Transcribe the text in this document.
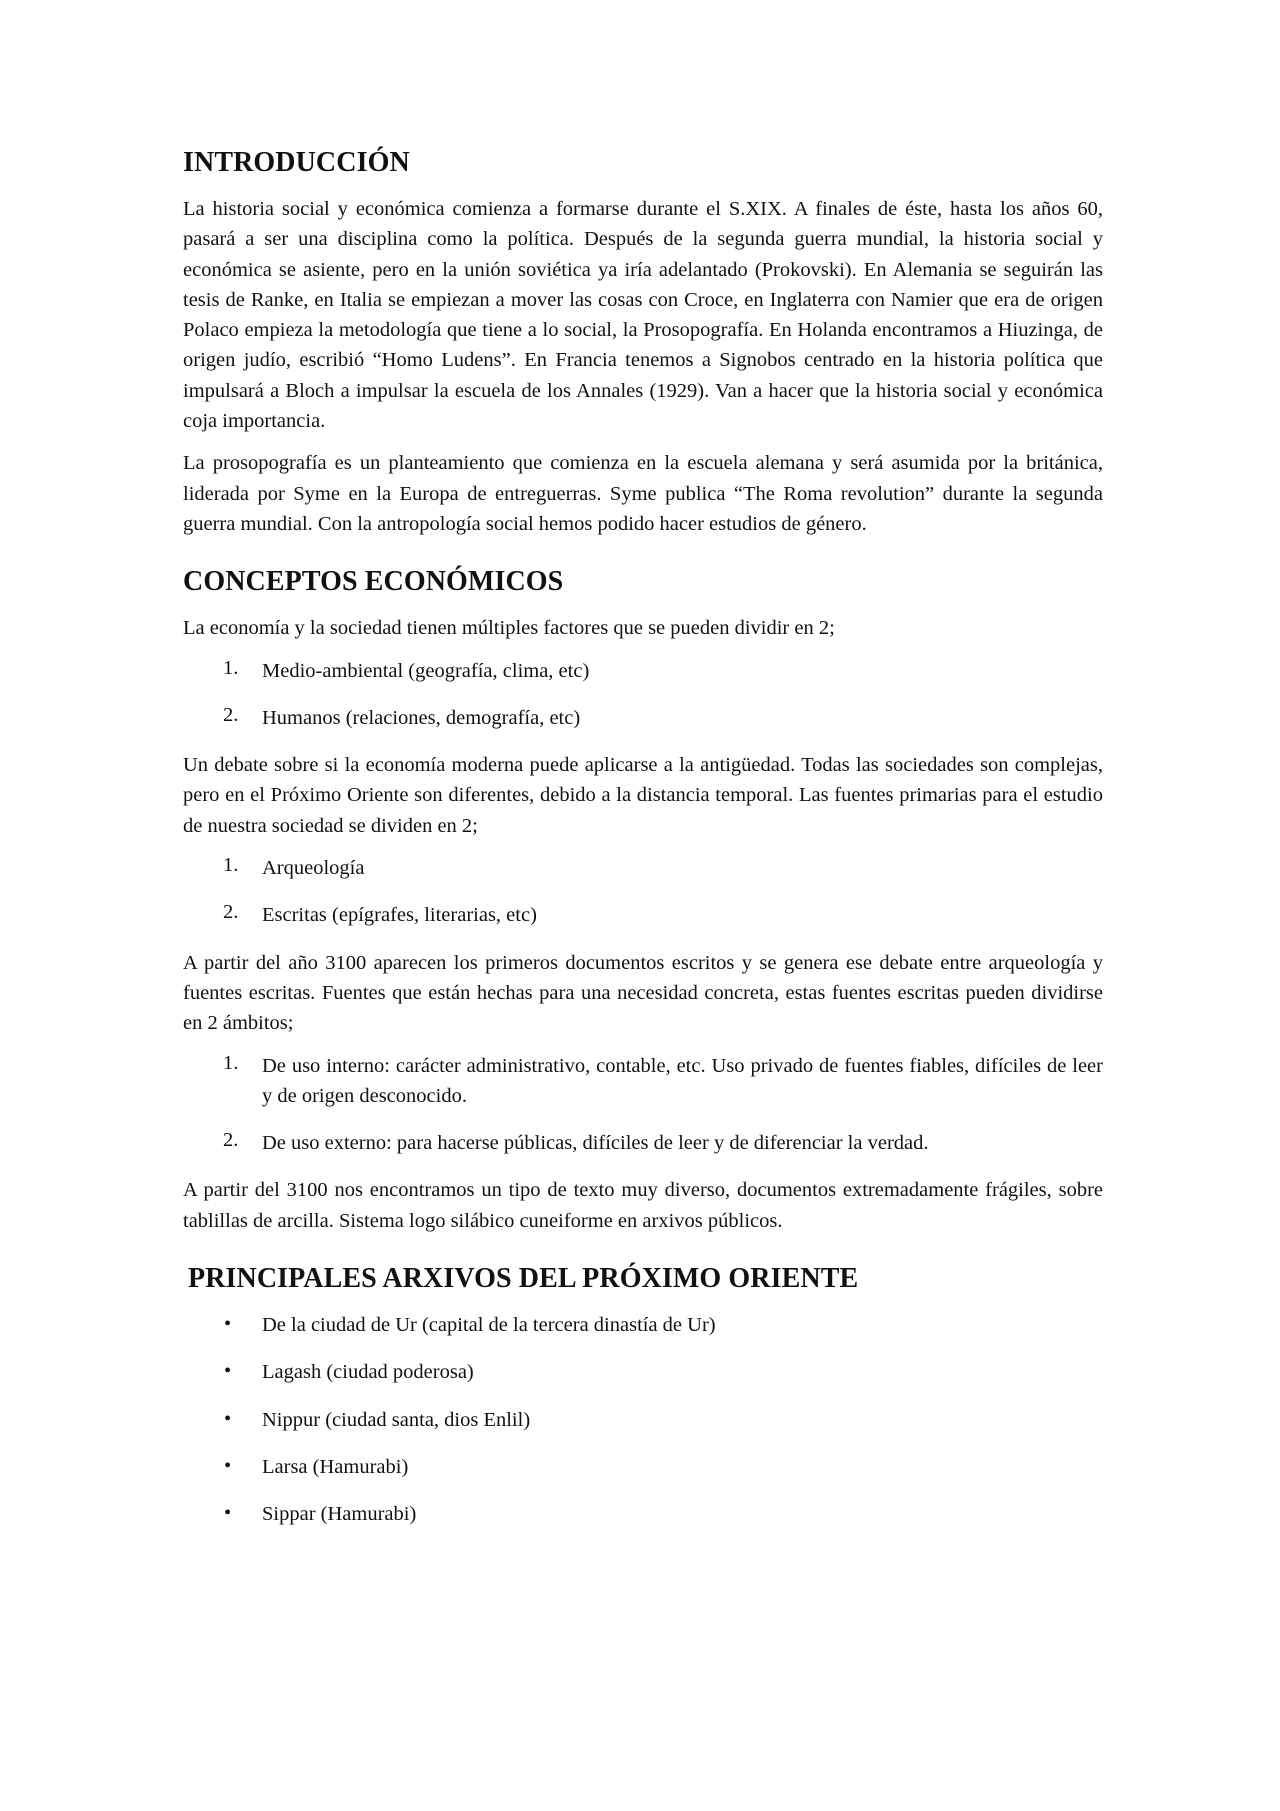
INTRODUCCIÓN

La historia social y económica comienza a formarse durante el S.XIX. A finales de éste, hasta los años 60, pasará a ser una disciplina como la política. Después de la segunda guerra mundial, la historia social y económica se asiente, pero en la unión soviética ya iría adelantado (Prokovski). En Alemania se seguirán las tesis de Ranke, en Italia se empiezan a mover las cosas con Croce, en Inglaterra con Namier que era de origen Polaco empieza la metodología que tiene a lo social, la Prosopografía. En Holanda encontramos a Hiuzinga, de origen judío, escribió “Homo Ludens”. En Francia tenemos a Signobos centrado en la historia política que impulsará a Bloch a impulsar la escuela de los Annales (1929). Van a hacer que la historia social y económica coja importancia.

La prosopografía es un planteamiento que comienza en la escuela alemana y será asumida por la británica, liderada por Syme en la Europa de entreguerras. Syme publica “The Roma revolution” durante la segunda guerra mundial. Con la antropología social hemos podido hacer estudios de género.

CONCEPTOS ECONÓMICOS

La economía y la sociedad tienen múltiples factores que se pueden dividir en 2;

1. Medio-ambiental (geografía, clima, etc)
2. Humanos (relaciones, demografía, etc)

Un debate sobre si la economía moderna puede aplicarse a la antigüedad. Todas las sociedades son complejas, pero en el Próximo Oriente son diferentes, debido a la distancia temporal. Las fuentes primarias para el estudio de nuestra sociedad se dividen en 2;

1. Arqueología
2. Escritas (epígrafes, literarias, etc)

A partir del año 3100 aparecen los primeros documentos escritos y se genera ese debate entre arqueología y fuentes escritas. Fuentes que están hechas para una necesidad concreta, estas fuentes escritas pueden dividirse en 2 ámbitos;

1. De uso interno: carácter administrativo, contable, etc. Uso privado de fuentes fiables, difíciles de leer y de origen desconocido.
2. De uso externo: para hacerse públicas, difíciles de leer y de diferenciar la verdad.

A partir del 3100 nos encontramos un tipo de texto muy diverso, documentos extremadamente frágiles, sobre tablillas de arcilla. Sistema logo silábico cuneiforme en arxivos públicos.

PRINCIPALES ARXIVOS DEL PRÓXIMO ORIENTE
• De la ciudad de Ur (capital de la tercera dinastía de Ur)
• Lagash (ciudad poderosa)
• Nippur (ciudad santa, dios Enlil)
• Larsa (Hamurabi)
• Sippar (Hamurabi)
